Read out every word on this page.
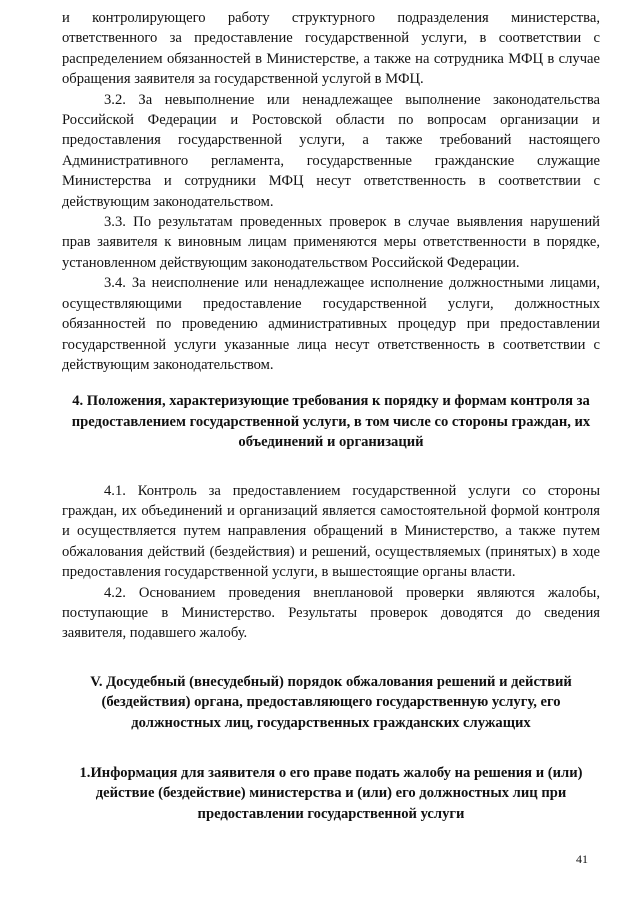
и контролирующего работу структурного подразделения министерства, ответственного за предоставление государственной услуги, в соответствии с распределением обязанностей в Министерстве, а также на сотрудника МФЦ в случае обращения заявителя за государственной услугой в МФЦ.

3.2. За невыполнение или ненадлежащее выполнение законодательства Российской Федерации и Ростовской области по вопросам организации и предоставления государственной услуги, а также требований настоящего Административного регламента, государственные гражданские служащие Министерства и сотрудники МФЦ несут ответственность в соответствии с действующим законодательством.

3.3. По результатам проведенных проверок в случае выявления нарушений прав заявителя к виновным лицам применяются меры ответственности в порядке, установленном действующим законодательством Российской Федерации.

3.4. За неисполнение или ненадлежащее исполнение должностными лицами, осуществляющими предоставление государственной услуги, должностных обязанностей по проведению административных процедур при предоставлении государственной услуги указанные лица несут ответственность в соответствии с действующим законодательством.

4. Положения, характеризующие требования к порядку и формам контроля за предоставлением государственной услуги, в том числе со стороны граждан, их объединений и организаций

4.1. Контроль за предоставлением государственной услуги со стороны граждан, их объединений и организаций является самостоятельной формой контроля и осуществляется путем направления обращений в Министерство, а также путем обжалования действий (бездействия) и решений, осуществляемых (принятых) в ходе предоставления государственной услуги, в вышестоящие органы власти.

4.2. Основанием проведения внеплановой проверки являются жалобы, поступающие в Министерство. Результаты проверок доводятся до сведения заявителя, подавшего жалобу.

V. Досудебный (внесудебный) порядок обжалования решений и действий (бездействия) органа, предоставляющего государственную услугу, его должностных лиц, государственных гражданских служащих

1.Информация для заявителя о его праве подать жалобу на решения и (или) действие (бездействие) министерства и (или) его должностных лиц при предоставлении государственной услуги

41
